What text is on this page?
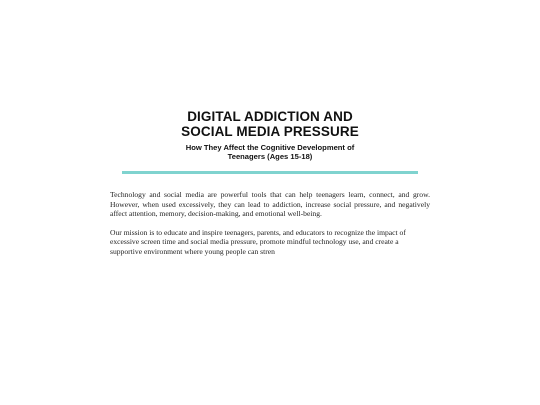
DIGITAL ADDICTION AND
SOCIAL MEDIA PRESSURE

How They Affect the Cognitive Development of
Teenagers (Ages 15-18)

Technology and social media are powerful tools that can help teenagers learn, connect, and grow. However, when used excessively, they can lead to addiction, increase social pressure, and negatively affect attention, memory, decision-making, and emotional well-being.

Our mission is to educate and inspire teenagers, parents, and educators to recognize the impact of excessive screen time and social media pressure, promote mindful technology use, and create a supportive environment where young people can stren
